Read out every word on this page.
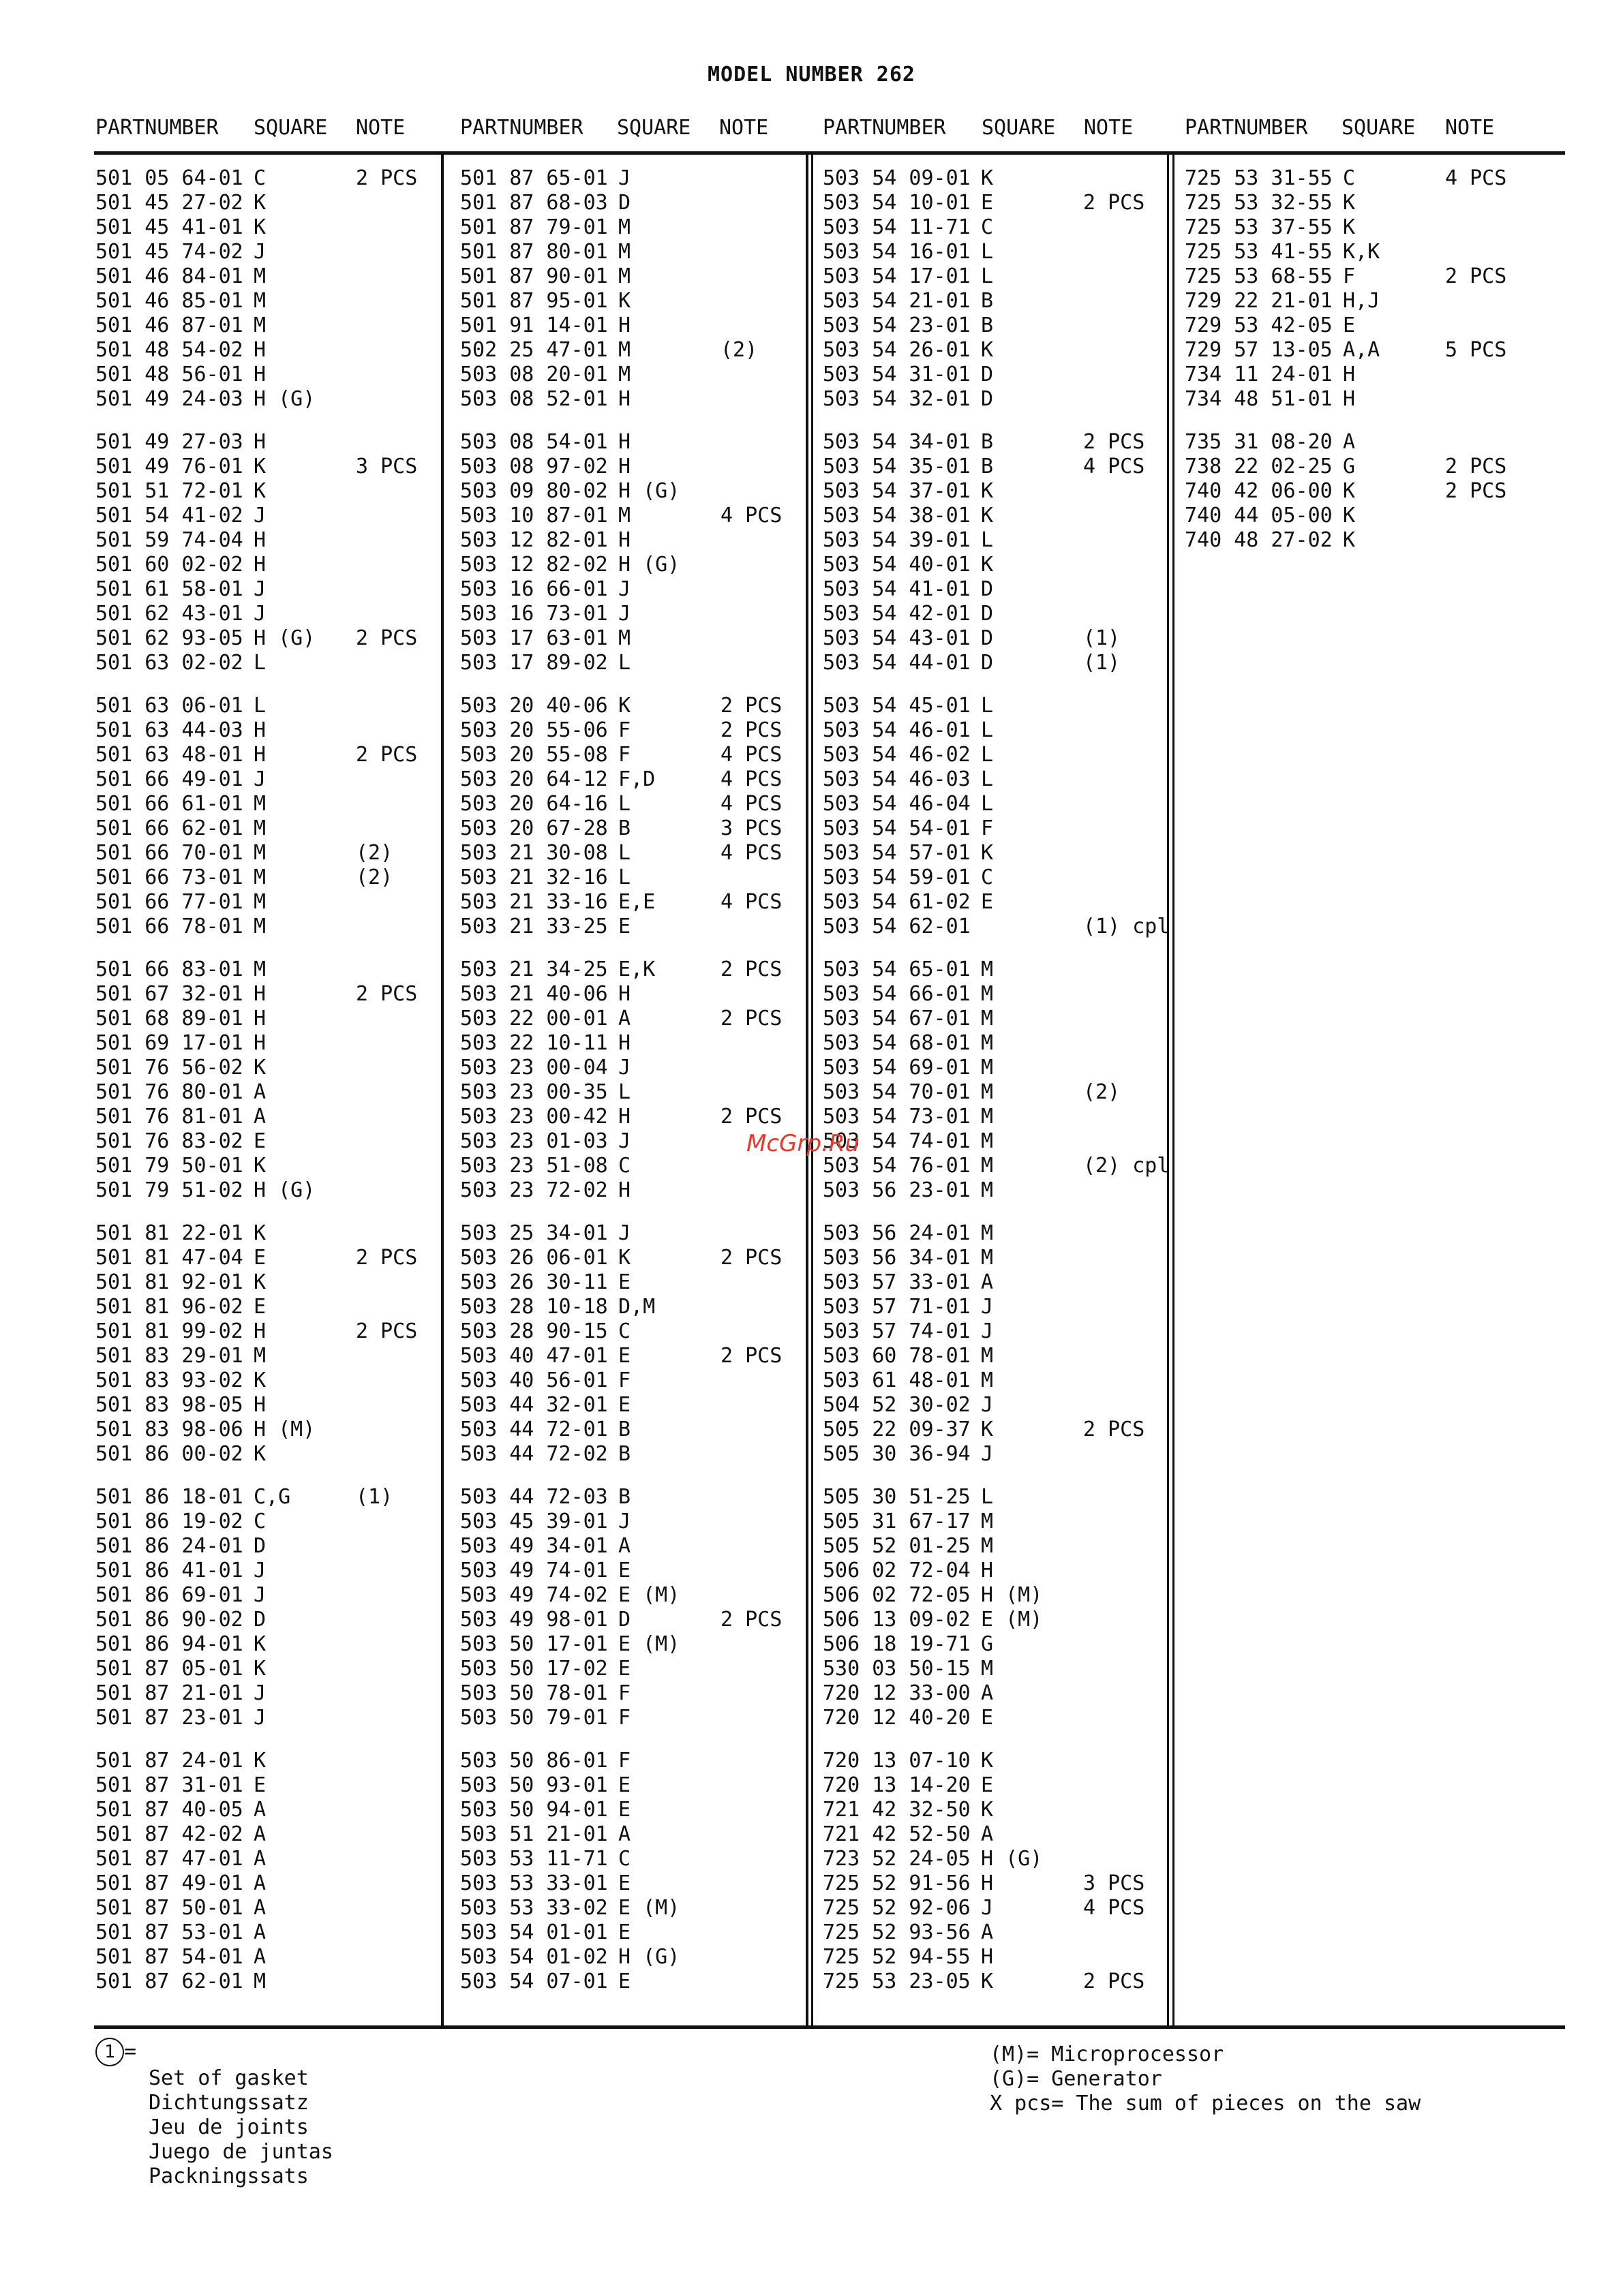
MODEL NUMBER 262
PARTNUMBER SQUARE NOTE	PARTNUMBER SQUARE NOTE	PARTNUMBER SQUARE NOTE	PARTNUMBER SQUARE NOTE
501 05 64-01 C	2 PCS
501 45 27-02 K
501 45 41-01 K
501 45 74-02 J
501 46 84-01 M
501 46 85-01 M
501 46 87-01 M
501 48 54-02 H
501 48 56-01 H
501 49 24-03 H (G)
501 49 27-03 H
501 49 76-01 K	3 PCS
501 51 72-01 K
501 54 41-02 J
501 59 74-04 H
501 60 02-02 H
501 61 58-01 J
501 62 43-01 J
501 62 93-05 H (G) 2 PCS
501 63 02-02 L
501 63 06-01 L
501 63 44-03 H
501 63 48-01 H	2 PCS
501 66 49-01 J
501 66 61-01 M
501 66 62-01 M
501 66 70-01 M	(2)
501 66 73-01 M	(2)
501 66 77-01 M
501 66 78-01 M
501 66 83-01 M
501 67 32-01 H	2 PCS
501 68 89-01 H
501 69 17-01 H
501 76 56-02 K
501 76 80-01 A
501 76 81-01 A
501 76 83-02 E
501 79 50-01 K
501 79 51-02 H (G)
501 81 22-01 K
501 81 47-04 E	2 PCS
501 81 92-01 K
501 81 96-02 E
501 81 99-02 H	2 PCS
501 83 29-01 M
501 83 93-02 K
501 83 98-05 H
501 83 98-06 H (M)
501 86 00-02 K
501 86 18-01 C,G	(1)
501 86 19-02 C
501 86 24-01 D
501 86 41-01 J
501 86 69-01 J
501 86 90-02 D
501 86 94-01 K
501 87 05-01 K
501 87 21-01 J
501 87 23-01 J
501 87 24-01 K
501 87 31-01 E
501 87 40-05 A
501 87 42-02 A
501 87 47-01 A
501 87 49-01 A
501 87 50-01 A
501 87 53-01 A
501 87 54-01 A
501 87 62-01 M
501 87 65-01 J
501 87 68-03 D
501 87 79-01 M
501 87 80-01 M
501 87 90-01 M
501 87 95-01 K
501 91 14-01 H
502 25 47-01 M	(2)
503 08 20-01 M
503 08 52-01 H
503 08 54-01 H
503 08 97-02 H
503 09 80-02 H (G)
503 10 87-01 M	4 PCS
503 12 82-01 H
503 12 82-02 H (G)
503 16 66-01 J
503 16 73-01 J
503 17 63-01 M
503 17 89-02 L
503 20 40-06 K	2 PCS
503 20 55-06 F	2 PCS
503 20 55-08 F	4 PCS
503 20 64-12 F,D	4 PCS
503 20 64-16 L	4 PCS
503 20 67-28 B	3 PCS
503 21 30-08 L	4 PCS
503 21 32-16 L
503 21 33-16 E,E	4 PCS
503 21 33-25 E
503 21 34-25 E,K	2 PCS
503 21 40-06 H
503 22 00-01 A	2 PCS
503 22 10-11 H
503 23 00-04 J
503 23 00-35 L
503 23 00-42 H	2 PCS
503 23 01-03 J
503 23 51-08 C
503 23 72-02 H
503 25 34-01 J
503 26 06-01 K	2 PCS
503 26 30-11 E
503 28 10-18 D,M
503 28 90-15 C
503 40 47-01 E	2 PCS
503 40 56-01 F
503 44 32-01 E
503 44 72-01 B
503 44 72-02 B
503 44 72-03 B
503 45 39-01 J
503 49 34-01 A
503 49 74-01 E
503 49 74-02 E (M)
503 49 98-01 D	2 PCS
503 50 17-01 E (M)
503 50 17-02 E
503 50 78-01 F
503 50 79-01 F
503 50 86-01 F
503 50 93-01 E
503 50 94-01 E
503 51 21-01 A
503 53 11-71 C
503 53 33-01 E
503 53 33-02 E (M)
503 54 01-01 E
503 54 01-02 H (G)
503 54 07-01 E
503 54 09-01 K
503 54 10-01 E	2 PCS
503 54 11-71 C
503 54 16-01 L
503 54 17-01 L
503 54 21-01 B
503 54 23-01 B
503 54 26-01 K
503 54 31-01 D
503 54 32-01 D
503 54 34-01 B	2 PCS
503 54 35-01 B	4 PCS
503 54 37-01 K
503 54 38-01 K
503 54 39-01 L
503 54 40-01 K
503 54 41-01 D
503 54 42-01 D
503 54 43-01 D	(1)
503 54 44-01 D	(1)
503 54 45-01 L
503 54 46-01 L
503 54 46-02 L
503 54 46-03 L
503 54 46-04 L
503 54 54-01 F
503 54 57-01 K
503 54 59-01 C
503 54 61-02 E
503 54 62-01	(1) cpl
503 54 65-01 M
503 54 66-01 M
503 54 67-01 M
503 54 68-01 M
503 54 69-01 M
503 54 70-01 M	(2)
503 54 73-01 M
503 54 74-01 M
503 54 76-01 M	(2) cpl
503 56 23-01 M
503 56 24-01 M
503 56 34-01 M
503 57 33-01 A
503 57 71-01 J
503 57 74-01 J
503 60 78-01 M
503 61 48-01 M
504 52 30-02 J
505 22 09-37 K	2 PCS
505 30 36-94 J
505 30 51-25 L
505 31 67-17 M
505 52 01-25 M
506 02 72-04 H
506 02 72-05 H (M)
506 13 09-02 E (M)
506 18 19-71 G
530 03 50-15 M
720 12 33-00 A
720 12 40-20 E
720 13 07-10 K
720 13 14-20 E
721 42 32-50 K
721 42 52-50 A
723 52 24-05 H (G)
725 52 91-56 H	3 PCS
725 52 92-06 J	4 PCS
725 52 93-56 A
725 52 94-55 H
725 53 23-05 K	2 PCS
725 53 31-55 C	4 PCS
725 53 32-55 K
725 53 37-55 K
725 53 41-55 K,K
725 53 68-55 F	2 PCS
729 22 21-01 H,J
729 53 42-05 E
729 57 13-05 A,A	5 PCS
734 11 24-01 H
734 48 51-01 H
735 31 08-20 A
738 22 02-25 G	2 PCS
740 42 06-00 K	2 PCS
740 44 05-00 K
740 48 27-02 K
McGrp.Ru
1 =
Set of gasket
Dichtungssatz
Jeu de joints
Juego de juntas
Packningssats
(M)= Microprocessor
(G)= Generator
X pcs= The sum of pieces on the saw
